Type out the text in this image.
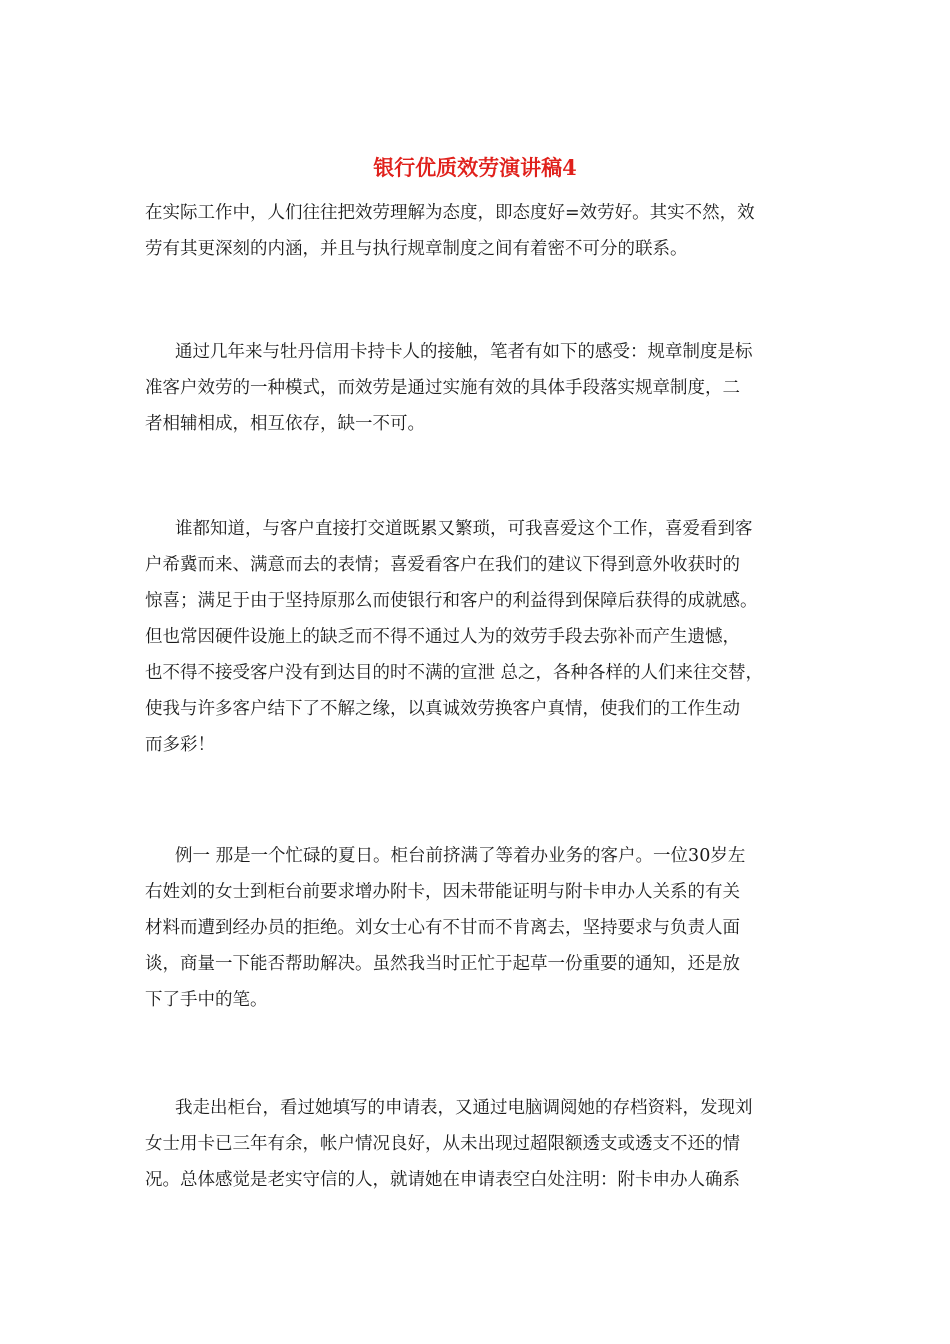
银行优质效劳演讲稿4

在实际工作中，人们往往把效劳理解为态度，即态度好=效劳好。其实不然，效
劳有其更深刻的内涵，并且与执行规章制度之间有着密不可分的联系。

通过几年来与牡丹信用卡持卡人的接触，笔者有如下的感受：规章制度是标
准客户效劳的一种模式，而效劳是通过实施有效的具体手段落实规章制度，二
者相辅相成，相互依存，缺一不可。

谁都知道，与客户直接打交道既累又繁琐，可我喜爱这个工作，喜爱看到客
户希冀而来、满意而去的表情；喜爱看客户在我们的建议下得到意外收获时的
惊喜；满足于由于坚持原那么而使银行和客户的利益得到保障后获得的成就感。
但也常因硬件设施上的缺乏而不得不通过人为的效劳手段去弥补而产生遗憾，
也不得不接受客户没有到达目的时不满的宣泄 总之，各种各样的人们来往交替，
使我与许多客户结下了不解之缘，以真诚效劳换客户真情，使我们的工作生动
而多彩！

例一 那是一个忙碌的夏日。柜台前挤满了等着办业务的客户。一位30岁左
右姓刘的女士到柜台前要求增办附卡，因未带能证明与附卡申办人关系的有关
材料而遭到经办员的拒绝。刘女士心有不甘而不肯离去，坚持要求与负责人面
谈，商量一下能否帮助解决。虽然我当时正忙于起草一份重要的通知，还是放
下了手中的笔。

我走出柜台，看过她填写的申请表，又通过电脑调阅她的存档资料，发现刘
女士用卡已三年有余，帐户情况良好，从未出现过超限额透支或透支不还的情
况。总体感觉是老实守信的人，就请她在申请表空白处注明：附卡申办人确系
